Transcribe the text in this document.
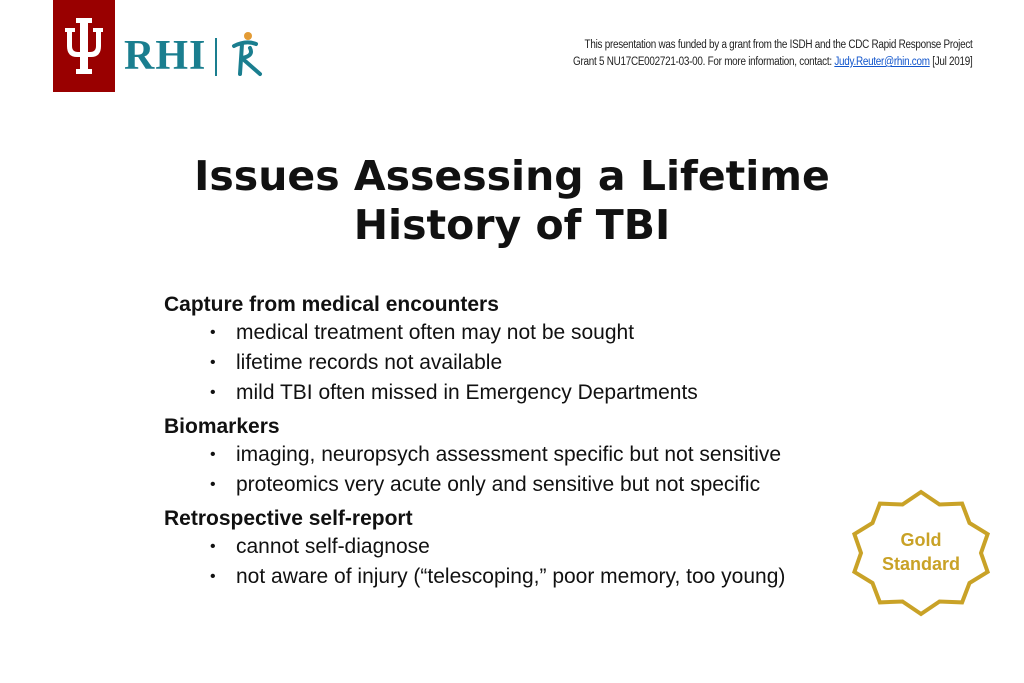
RHI	This presentation was funded by a grant from the ISDH and the CDC Rapid Response Project
Grant 5 NU17CE002721-03-00. For more information, contact: Judy.Reuter@rhin.com [Jul 2019]
Issues Assessing a Lifetime
History of TBI

Capture from medical encounters

• medical treatment often may not be sought
• lifetime records not available
• mild TBI often missed in Emergency Departments

Biomarkers

• imaging, neuropsych assessment specific but not sensitive
• proteomics very acute only and sensitive but not specific

Retrospective self-report

• cannot self-diagnose
• not aware of injury (“telescoping,” poor memory, too young)
Gold
Standard
